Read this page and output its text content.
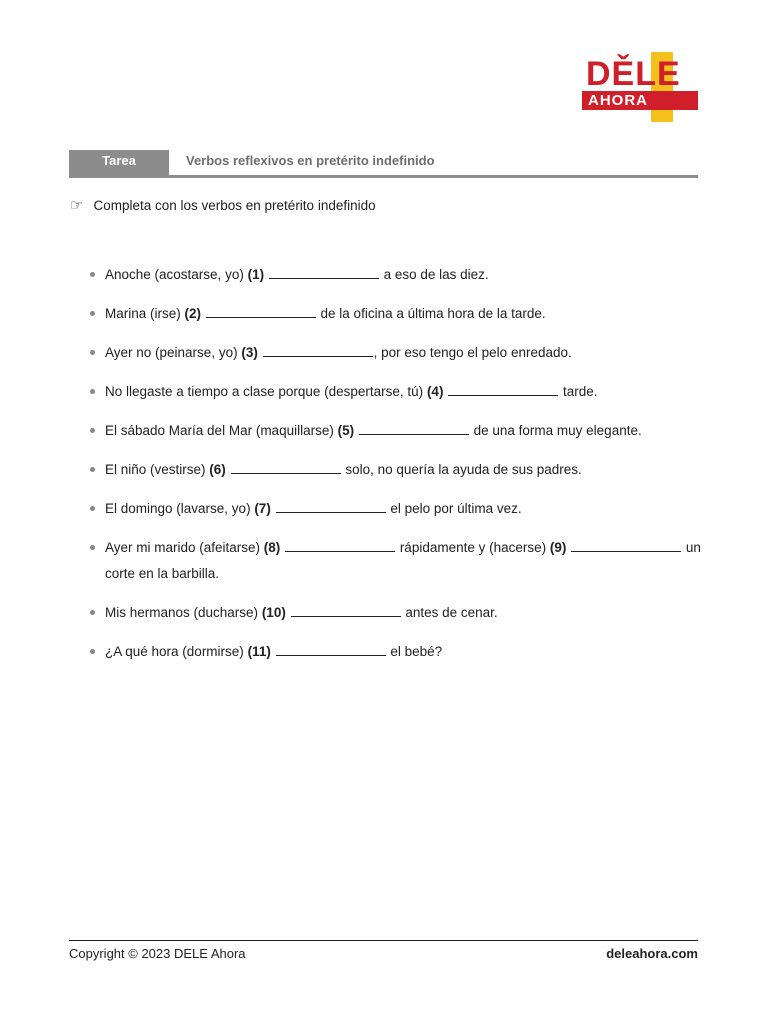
DĚLE
AHORA
Tarea	Verbos reflexivos en pretérito indefinido
☞ Completa con los verbos en pretérito indefinido
Anoche (acostarse, yo) (1)	a eso de las diez.
Marina (irse) (2)	de la oficina a última hora de la tarde.
Ayer no (peinarse, yo) (3)	, por eso tengo el pelo enredado.
No llegaste a tiempo a clase porque (despertarse, tú) (4)	tarde.
El sábado María del Mar (maquillarse) (5)	de una forma muy elegante.
El niño (vestirse) (6)	solo, no quería la ayuda de sus padres.
El domingo (lavarse, yo) (7)	el pelo por última vez.
Ayer mi marido (afeitarse) (8)	rápidamente y (hacerse) (9)	un corte en la barbilla.
Mis hermanos (ducharse) (10)	antes de cenar.
¿A qué hora (dormirse) (11)	el bebé?
Copyright © 2023 DELE Ahora	deleahora.com
